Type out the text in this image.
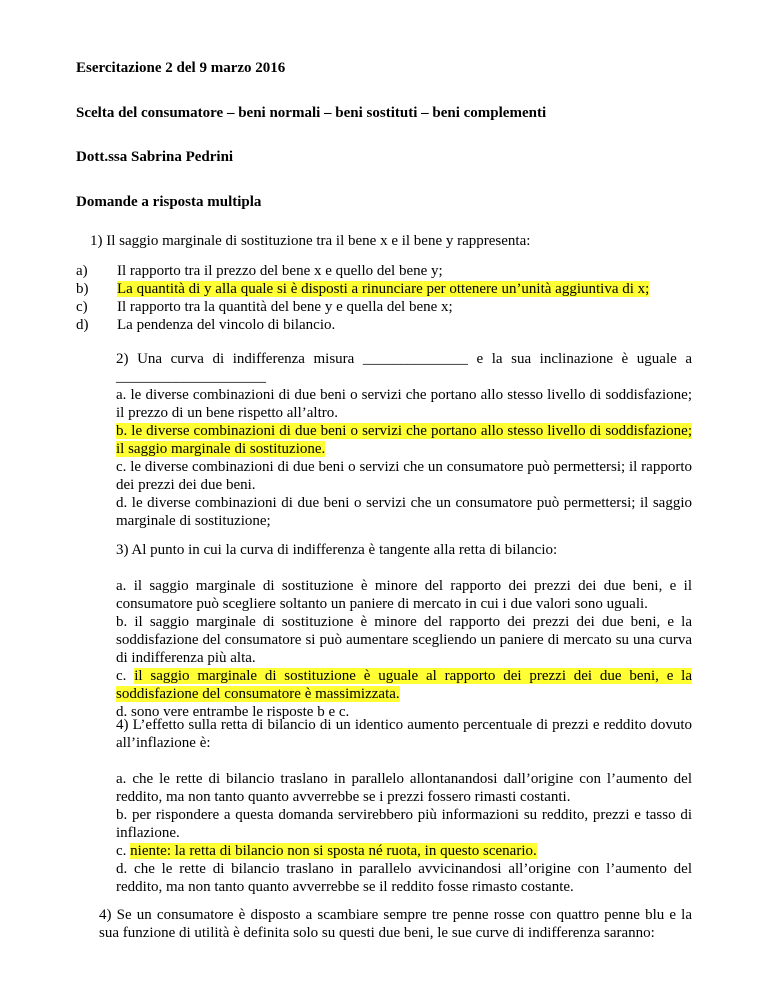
Esercitazione 2 del 9 marzo 2016
Scelta del consumatore – beni normali – beni sostituti – beni complementi
Dott.ssa Sabrina Pedrini
Domande a risposta multipla
1) Il saggio marginale di sostituzione tra il bene x e il bene y rappresenta:
a) Il rapporto tra il prezzo del bene x e quello del bene y;
b) La quantità di y alla quale si è disposti a rinunciare per ottenere un’unità aggiuntiva di x;
c) Il rapporto tra la quantità del bene y e quella del bene x;
d) La pendenza del vincolo di bilancio.

2) Una curva di indifferenza misura ______________ e la sua inclinazione è uguale a

____________________

a. le diverse combinazioni di due beni o servizi che portano allo stesso livello di soddisfazione; il prezzo di un bene rispetto all’altro.

b. le diverse combinazioni di due beni o servizi che portano allo stesso livello di soddisfazione; il saggio marginale di sostituzione.

c. le diverse combinazioni di due beni o servizi che un consumatore può permettersi; il rapporto dei prezzi dei due beni.

d. le diverse combinazioni di due beni o servizi che un consumatore può permettersi; il saggio marginale di sostituzione;

3) Al punto in cui la curva di indifferenza è tangente alla retta di bilancio:

a. il saggio marginale di sostituzione è minore del rapporto dei prezzi dei due beni, e il consumatore può scegliere soltanto un paniere di mercato in cui i due valori sono uguali.

b. il saggio marginale di sostituzione è minore del rapporto dei prezzi dei due beni, e la soddisfazione del consumatore si può aumentare scegliendo un paniere di mercato su una curva di indifferenza più alta.

c. il saggio marginale di sostituzione è uguale al rapporto dei prezzi dei due beni, e la soddisfazione del consumatore è massimizzata.

d. sono vere entrambe le risposte b e c.

4) L’effetto sulla retta di bilancio di un identico aumento percentuale di prezzi e reddito dovuto all’inflazione è:

a. che le rette di bilancio traslano in parallelo allontanandosi dall’origine con l’aumento del reddito, ma non tanto quanto avverrebbe se i prezzi fossero rimasti costanti.

b. per rispondere a questa domanda servirebbero più informazioni su reddito, prezzi e tasso di inflazione.

c. niente: la retta di bilancio non si sposta né ruota, in questo scenario.

d. che le rette di bilancio traslano in parallelo avvicinandosi all’origine con l’aumento del reddito, ma non tanto quanto avverrebbe se il reddito fosse rimasto costante.

4) Se un consumatore è disposto a scambiare sempre tre penne rosse con quattro penne blu e la sua funzione di utilità è definita solo su questi due beni, le sue curve di indifferenza saranno:
